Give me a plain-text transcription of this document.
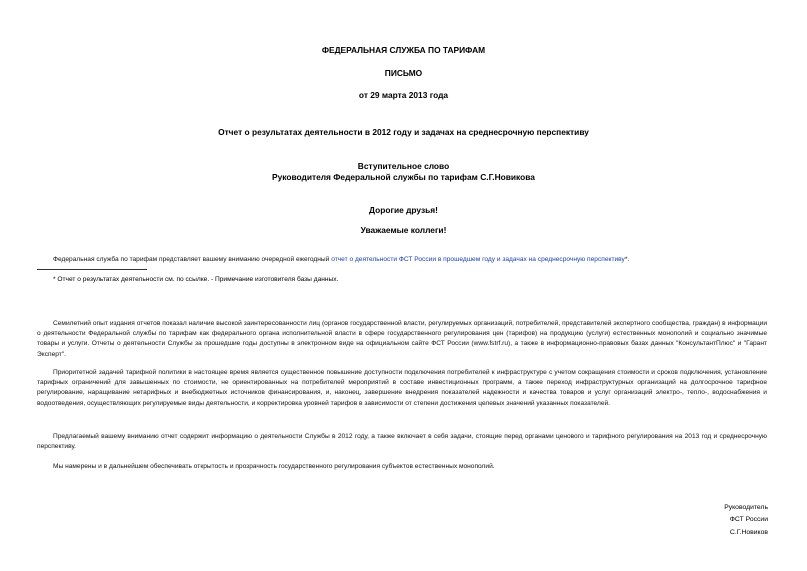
ФЕДЕРАЛЬНАЯ СЛУЖБА ПО ТАРИФАМ
ПИСЬМО
от 29 марта 2013 года
Отчет о результатах деятельности в 2012 году и задачах на среднесрочную перспективу
Вступительное слово
Руководителя Федеральной службы по тарифам С.Г.Новикова
Дорогие друзья!
Уважаемые коллеги!
Федеральная служба по тарифам представляет вашему вниманию очередной ежегодный отчет о деятельности ФСТ России в прошедшем году и задачах на среднесрочную перспективу*.
* Отчет о результатах деятельности см. по ссылке. - Примечание изготовителя базы данных.
Семилетний опыт издания отчетов показал наличие высокой заинтересованности лиц (органов государственной власти, регулируемых организаций, потребителей, представителей экспертного сообщества, граждан) в информации о деятельности Федеральной службы по тарифам как федерального органа исполнительной власти в сфере государственного регулирования цен (тарифов) на продукцию (услуги) естественных монополий и социально значимые товары и услуги. Отчеты о деятельности Службы за прошедшие годы доступны в электронном виде на официальном сайте ФСТ России (www.fstrf.ru), а также в информационно-правовых базах данных "КонсультантПлюс" и "Гарант Эксперт".
Приоритетной задачей тарифной политики в настоящее время является существенное повышение доступности подключения потребителей к инфраструктуре с учетом сокращения стоимости и сроков подключения, установление тарифных ограничений для завышенных по стоимости, не ориентированных на потребителей мероприятий в составе инвестиционных программ, а также переход инфраструктурных организаций на долгосрочное тарифное регулирование, наращивание нетарифных и внебюджетных источников финансирования, и, наконец, завершение внедрения показателей надежности и качества товаров и услуг организаций электро-, тепло-, водоснабжения и водоотведения, осуществляющих регулируемые виды деятельности, и корректировка уровней тарифов в зависимости от степени достижения целевых значений указанных показателей.
Предлагаемый вашему вниманию отчет содержит информацию о деятельности Службы в 2012 году, а также включает в себя задачи, стоящие перед органами ценового и тарифного регулирования на 2013 год и среднесрочную перспективу.
Мы намерены и в дальнейшем обеспечивать открытость и прозрачность государственного регулирования субъектов естественных монополий.
Руководитель
ФСТ России
С.Г.Новиков
